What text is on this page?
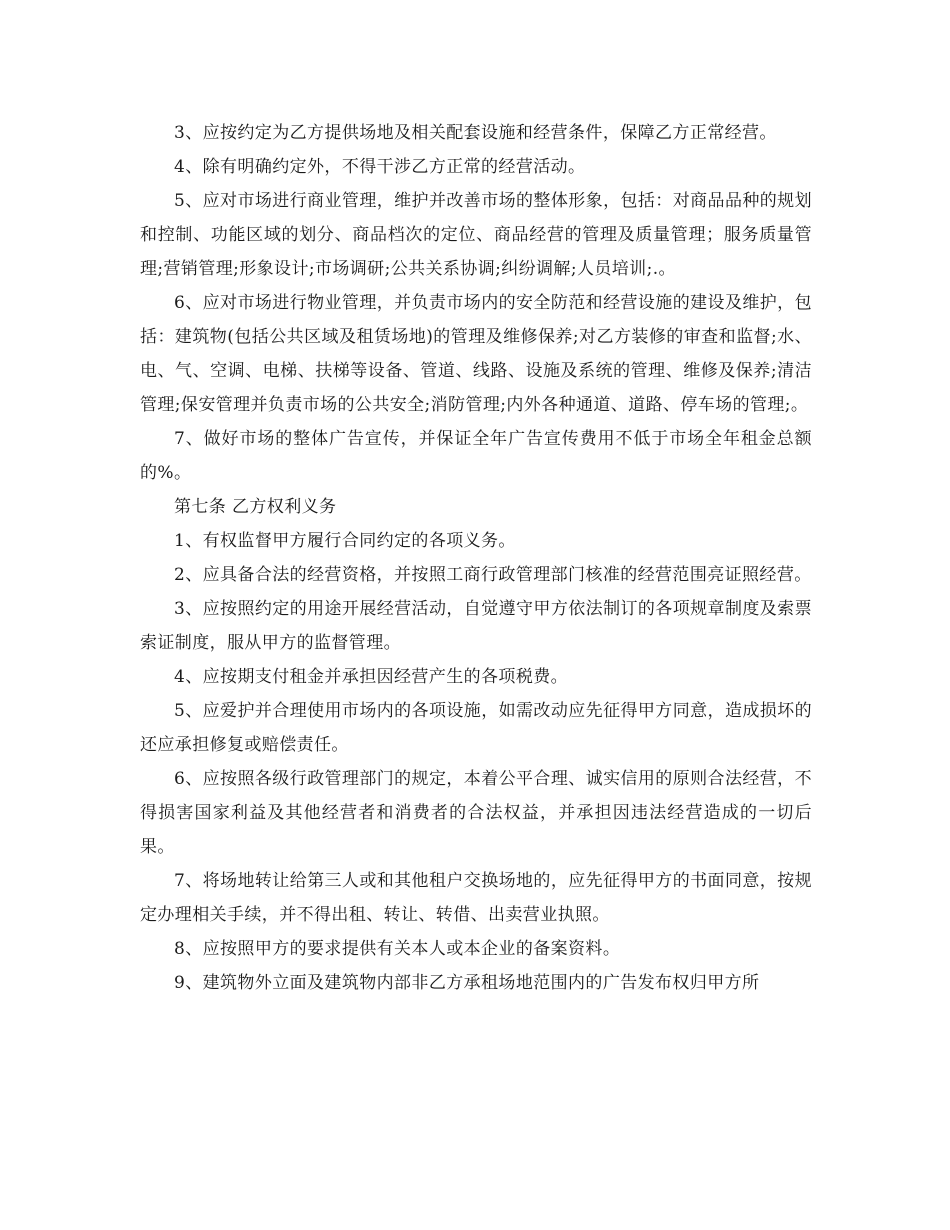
3、应按约定为乙方提供场地及相关配套设施和经营条件，保障乙方正常经营。

4、除有明确约定外，不得干涉乙方正常的经营活动。

5、应对市场进行商业管理，维护并改善市场的整体形象，包括：对商品品种的规划和控制、功能区域的划分、商品档次的定位、商品经营的管理及质量管理；服务质量管理;营销管理;形象设计;市场调研;公共关系协调;纠纷调解;人员培训;.。

6、应对市场进行物业管理，并负责市场内的安全防范和经营设施的建设及维护，包括：建筑物(包括公共区域及租赁场地)的管理及维修保养;对乙方装修的审查和监督;水、电、气、空调、电梯、扶梯等设备、管道、线路、设施及系统的管理、维修及保养;清洁管理;保安管理并负责市场的公共安全;消防管理;内外各种通道、道路、停车场的管理;。

7、做好市场的整体广告宣传，并保证全年广告宣传费用不低于市场全年租金总额的%。

第七条 乙方权利义务

1、有权监督甲方履行合同约定的各项义务。

2、应具备合法的经营资格，并按照工商行政管理部门核准的经营范围亮证照经营。

3、应按照约定的用途开展经营活动，自觉遵守甲方依法制订的各项规章制度及索票索证制度，服从甲方的监督管理。

4、应按期支付租金并承担因经营产生的各项税费。

5、应爱护并合理使用市场内的各项设施，如需改动应先征得甲方同意，造成损坏的还应承担修复或赔偿责任。

6、应按照各级行政管理部门的规定，本着公平合理、诚实信用的原则合法经营，不得损害国家利益及其他经营者和消费者的合法权益，并承担因违法经营造成的一切后果。

7、将场地转让给第三人或和其他租户交换场地的，应先征得甲方的书面同意，按规定办理相关手续，并不得出租、转让、转借、出卖营业执照。

8、应按照甲方的要求提供有关本人或本企业的备案资料。

9、建筑物外立面及建筑物内部非乙方承租场地范围内的广告发布权归甲方所
